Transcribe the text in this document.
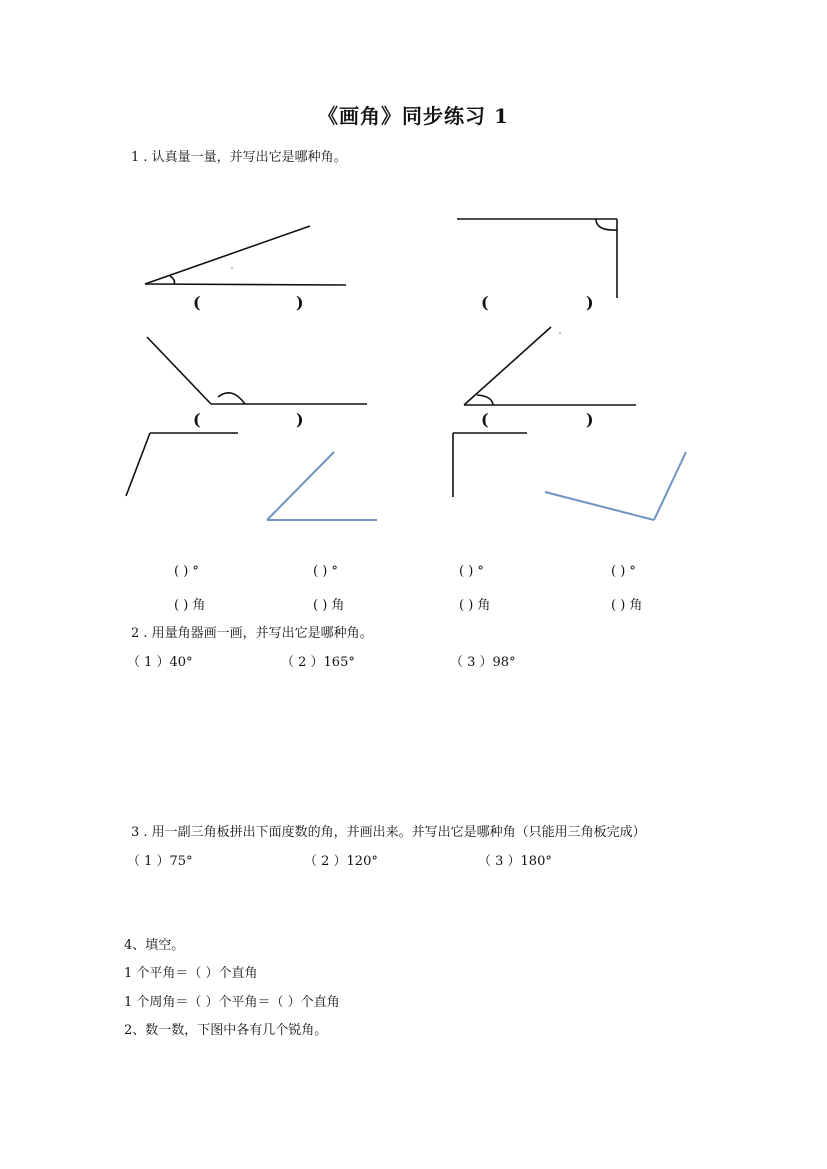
《画角》同步练习 1
1 . 认真量一量，并写出它是哪种角。
(	)	(	)
(	)	(	)
( ) °	( ) °	( ) °	( ) °
( ) 角	( ) 角	( ) 角	( ) 角
2 . 用量角器画一画，并写出它是哪种角。
（ 1 ）40°	（ 2 ）165°	（ 3 ）98°
3 . 用一副三角板拼出下面度数的角，并画出来。并写出它是哪种角（只能用三角板完成）
（ 1 ）75°	（ 2 ）120°	（ 3 ）180°
4、填空。
1 个平角＝（ ）个直角
1 个周角＝（ ）个平角＝（ ）个直角
2、数一数，下图中各有几个锐角。
